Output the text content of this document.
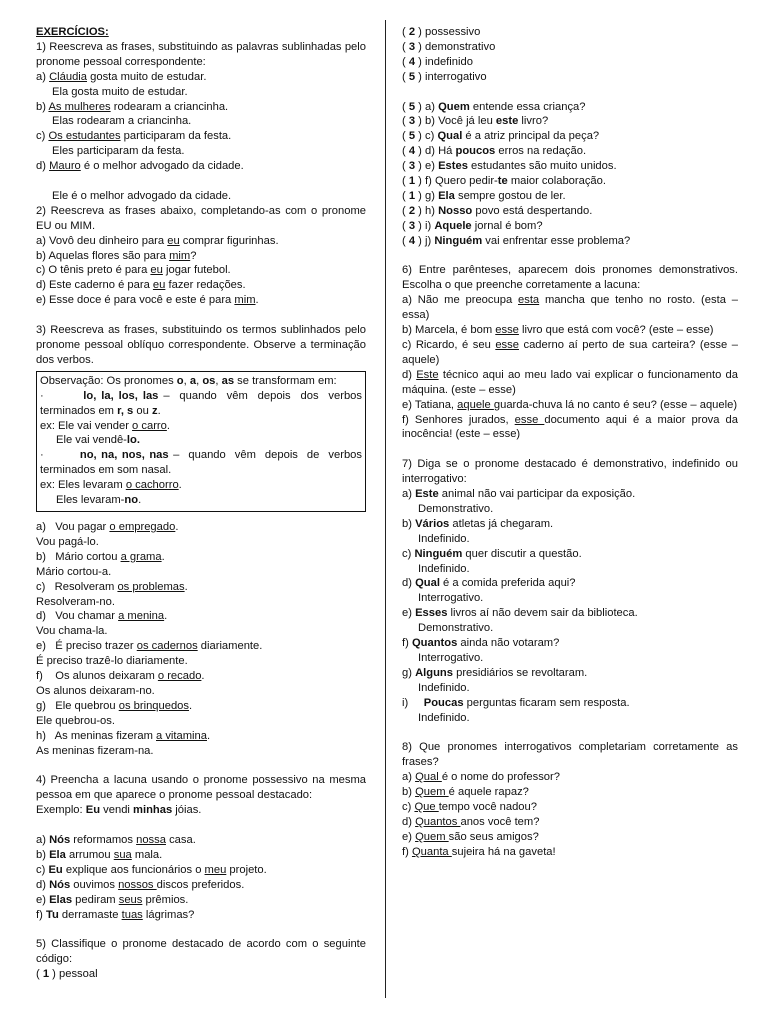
EXERCÍCIOS:
1) Reescreva as frases, substituindo as palavras sublinhadas pelo pronome pessoal correspondente:
a) Cláudia gosta muito de estudar.
Ela gosta muito de estudar.
b) As mulheres rodearam a criancinha.
Elas rodearam a criancinha.
c) Os estudantes participaram da festa.
Eles participaram da festa.
d) Mauro é o melhor advogado da cidade.
Ele é o melhor advogado da cidade.
2) Reescreva as frases abaixo, completando-as com o pronome EU ou MIM.
a) Vovô deu dinheiro para eu comprar figurinhas.
b) Aquelas flores são para mim?
c) O tênis preto é para eu jogar futebol.
d) Este caderno é para eu fazer redações.
e) Esse doce é para você e este é para mim.
3) Reescreva as frases, substituindo os termos sublinhados pelo pronome pessoal oblíquo correspondente. Observe a terminação dos verbos.
Observação: Os pronomes o, a, os, as se transformam em:
·        lo, la, los, las –  quando  vêm  depois  dos  verbos terminados em r, s ou z.
ex: Ele vai vender o carro.
Ele vai vendê-lo.
·        no, na, nos, nas –  quando  vêm  depois  de  verbos terminados em som nasal.
ex: Eles levaram o cachorro.
Eles levaram-no.
a)   Vou pagar o empregado.
Vou pagá-lo.
b)   Mário cortou a grama.
Mário cortou-a.
c)   Resolveram os problemas.
Resolveram-no.
d)   Vou chamar a menina.
Vou chama-la.
e)   É preciso trazer os cadernos diariamente.
É preciso trazê-lo diariamente.
f)    Os alunos deixaram o recado.
Os alunos deixaram-no.
g)   Ele quebrou os brinquedos.
Ele quebrou-os.
h)   As meninas fizeram a vitamina.
As meninas fizeram-na.
4) Preencha a lacuna usando o pronome possessivo na mesma pessoa em que aparece o pronome pessoal destacado:
Exemplo: Eu vendi minhas jóias.
a) Nós reformamos nossa casa.
b) Ela arrumou sua mala.
c) Eu explique aos funcionários o meu projeto.
d) Nós ouvimos nossos discos preferidos.
e) Elas pediram seus prêmios.
f) Tu derramaste tuas lágrimas?
5) Classifique o pronome destacado de acordo com o seguinte código:
( 1 ) pessoal
( 2 ) possessivo
( 3 ) demonstrativo
( 4 ) indefinido
( 5 ) interrogativo
( 5 ) a) Quem entende essa criança?
( 3 ) b) Você já leu este livro?
( 5 ) c) Qual é a atriz principal da peça?
( 4 ) d) Há poucos erros na redação.
( 3 ) e) Estes estudantes são muito unidos.
( 1 ) f) Quero pedir-te maior colaboração.
( 1 ) g) Ela sempre gostou de ler.
( 2 ) h) Nosso povo está despertando.
( 3 ) i) Aquele jornal é bom?
( 4 ) j) Ninguém vai enfrentar esse problema?
6) Entre parênteses, aparecem dois pronomes demonstrativos. Escolha o que preenche corretamente a lacuna:
a) Não me preocupa esta mancha que tenho no rosto. (esta – essa)
b) Marcela, é bom esse livro que está com você? (este – esse)
c) Ricardo, é seu esse caderno aí perto de sua carteira? (esse – aquele)
d) Este técnico aqui ao meu lado vai explicar o funcionamento da máquina. (este – esse)
e) Tatiana, aquele guarda-chuva lá no canto é seu? (esse – aquele)
f) Senhores jurados, esse documento aqui é a maior prova da inocência! (este – esse)
7) Diga se o pronome destacado é demonstrativo, indefinido ou interrogativo:
a) Este animal não vai participar da exposição.
Demonstrativo.
b) Vários atletas já chegaram.
Indefinido.
c) Ninguém quer discutir a questão.
Indefinido.
d) Qual é a comida preferida aqui?
Interrogativo.
e) Esses livros aí não devem sair da biblioteca.
Demonstrativo.
f) Quantos ainda não votaram?
Interrogativo.
g) Alguns presidiários se revoltaram.
Indefinido.
i)     Poucas perguntas ficaram sem resposta.
Indefinido.
8) Que pronomes interrogativos completariam corretamente as frases?
a) Qual é o nome do professor?
b) Quem é aquele rapaz?
c) Que tempo você nadou?
d) Quantos anos você tem?
e) Quem são seus amigos?
f) Quanta sujeira há na gaveta!
